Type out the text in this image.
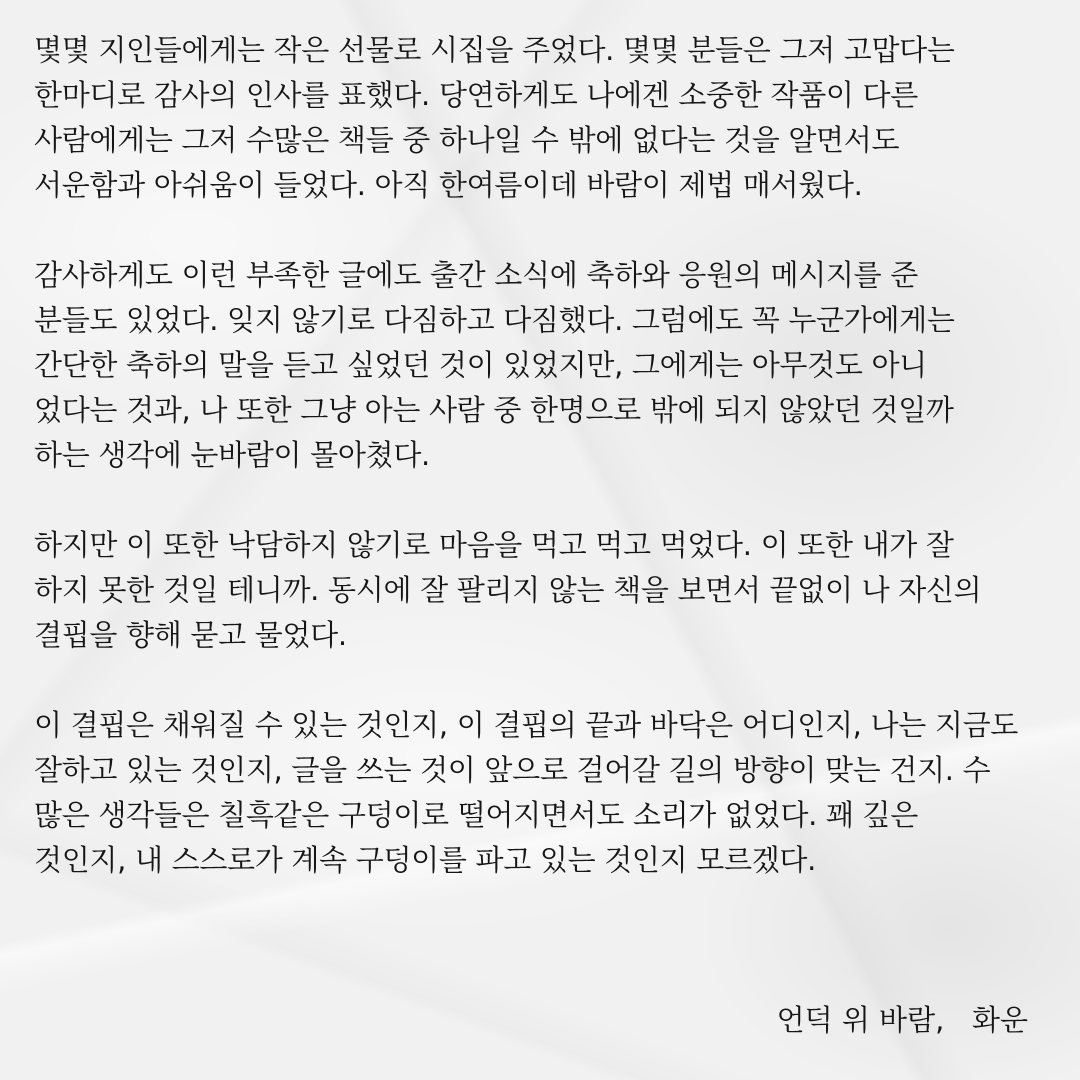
몇몇 지인들에게는 작은 선물로 시집을 주었다. 몇몇 분들은 그저 고맙다는
한마디로 감사의 인사를 표했다. 당연하게도 나에겐 소중한 작품이 다른
사람에게는 그저 수많은 책들 중 하나일 수 밖에 없다는 것을 알면서도
서운함과 아쉬움이 들었다. 아직 한여름이데 바람이 제법 매서웠다.

감사하게도 이런 부족한 글에도 출간 소식에 축하와 응원의 메시지를 준
분들도 있었다. 잊지 않기로 다짐하고 다짐했다. 그럼에도 꼭 누군가에게는
간단한 축하의 말을 듣고 싶었던 것이 있었지만, 그에게는 아무것도 아니
었다는 것과, 나 또한 그냥 아는 사람 중 한명으로 밖에 되지 않았던 것일까
하는 생각에 눈바람이 몰아쳤다.

하지만 이 또한 낙담하지 않기로 마음을 먹고 먹고 먹었다. 이 또한 내가 잘
하지 못한 것일 테니까. 동시에 잘 팔리지 않는 책을 보면서 끝없이 나 자신의
결핍을 향해 묻고 물었다.

이 결핍은 채워질 수 있는 것인지, 이 결핍의 끝과 바닥은 어디인지, 나는 지금도
잘하고 있는 것인지, 글을 쓰는 것이 앞으로 걸어갈 길의 방향이 맞는 건지. 수
많은 생각들은 칠흑같은 구덩이로 떨어지면서도 소리가 없었다. 꽤 깊은
것인지, 내 스스로가 계속 구덩이를 파고 있는 것인지 모르겠다.

언덕 위 바람,   화운
